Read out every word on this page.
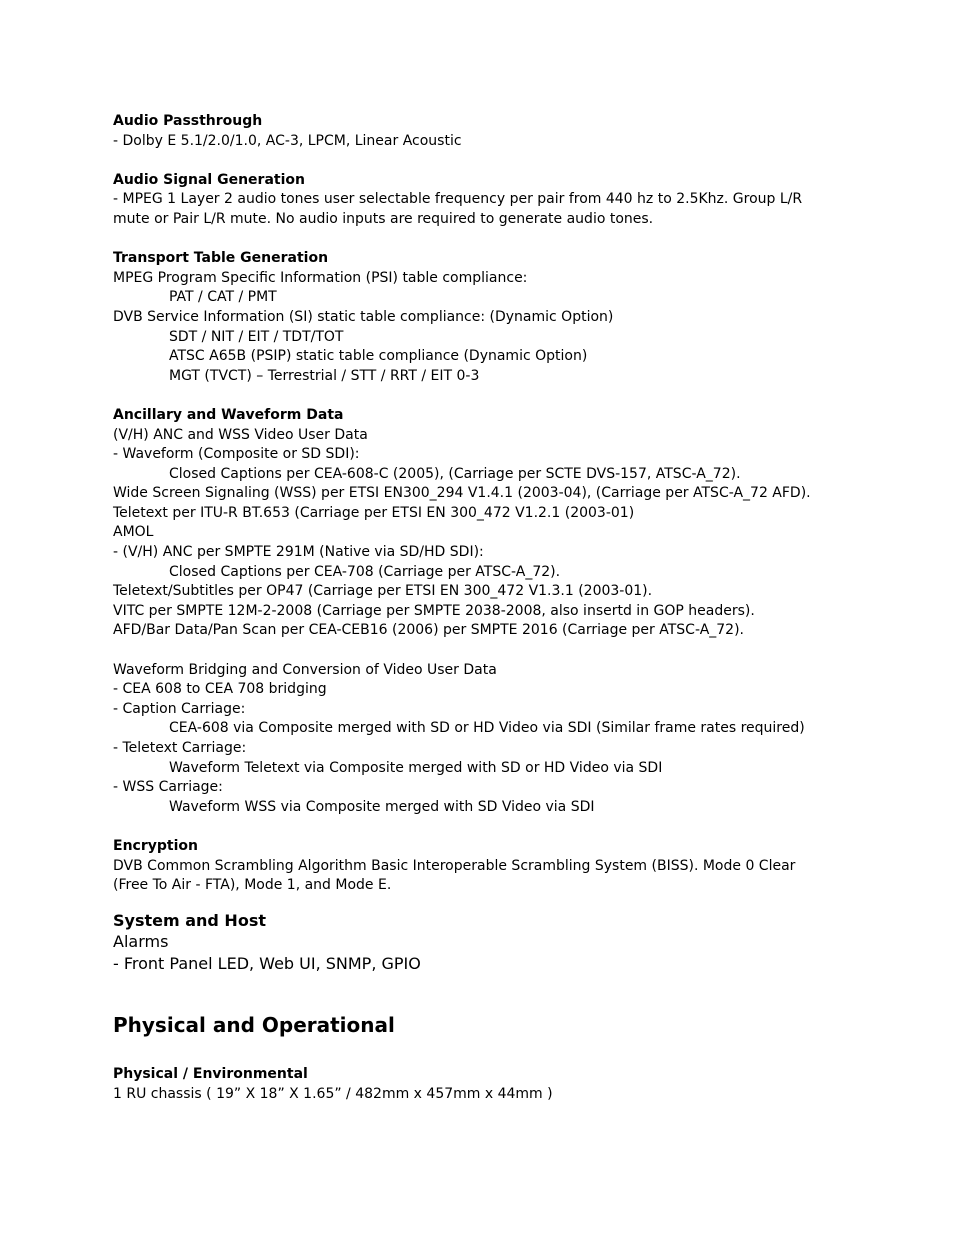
Audio Passthrough
- Dolby E 5.1/2.0/1.0, AC-3, LPCM, Linear Acoustic
Audio Signal Generation
- MPEG 1 Layer 2 audio tones user selectable frequency per pair from 440 hz to 2.5Khz. Group L/R
mute or Pair L/R mute. No audio inputs are required to generate audio tones.
Transport Table Generation
MPEG Program Specific Information (PSI) table compliance:
PAT / CAT / PMT
DVB Service Information (SI) static table compliance: (Dynamic Option)
SDT / NIT / EIT / TDT/TOT
ATSC A65B (PSIP) static table compliance (Dynamic Option)
MGT (TVCT) – Terrestrial / STT / RRT / EIT 0-3
Ancillary and Waveform Data
(V/H) ANC and WSS Video User Data
- Waveform (Composite or SD SDI):
Closed Captions per CEA-608-C (2005), (Carriage per SCTE DVS-157, ATSC-A_72).
Wide Screen Signaling (WSS) per ETSI EN300_294 V1.4.1 (2003-04), (Carriage per ATSC-A_72 AFD).
Teletext per ITU-R BT.653 (Carriage per ETSI EN 300_472 V1.2.1 (2003-01)
AMOL
- (V/H) ANC per SMPTE 291M (Native via SD/HD SDI):
Closed Captions per CEA-708 (Carriage per ATSC-A_72).
Teletext/Subtitles per OP47 (Carriage per ETSI EN 300_472 V1.3.1 (2003-01).
VITC per SMPTE 12M-2-2008 (Carriage per SMPTE 2038-2008, also insertd in GOP headers).
AFD/Bar Data/Pan Scan per CEA-CEB16 (2006) per SMPTE 2016 (Carriage per ATSC-A_72).
Waveform Bridging and Conversion of Video User Data
- CEA 608 to CEA 708 bridging
- Caption Carriage:
CEA-608 via Composite merged with SD or HD Video via SDI (Similar frame rates required)
- Teletext Carriage:
Waveform Teletext via Composite merged with SD or HD Video via SDI
- WSS Carriage:
Waveform WSS via Composite merged with SD Video via SDI
Encryption
DVB Common Scrambling Algorithm Basic Interoperable Scrambling System (BISS). Mode 0 Clear
(Free To Air - FTA), Mode 1, and Mode E.
System and Host
Alarms
- Front Panel LED, Web UI, SNMP, GPIO
Physical and Operational
Physical / Environmental
1 RU chassis ( 19” X 18” X 1.65” / 482mm x 457mm x 44mm )
